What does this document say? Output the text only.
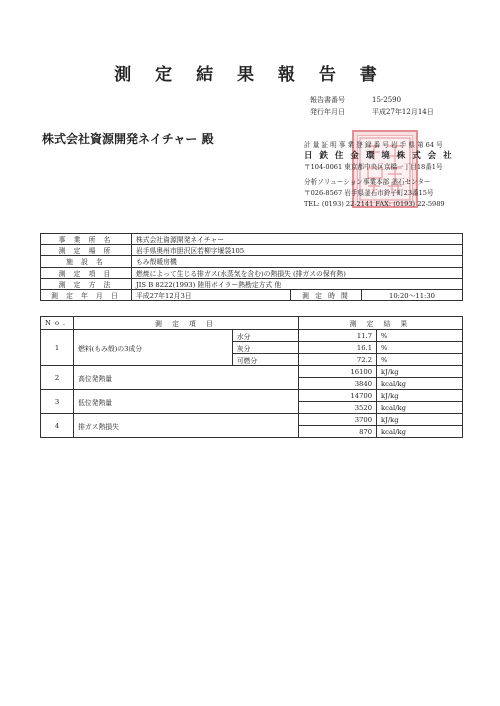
測 定 結 果 報 告 書
報告書番号	15-2590
発行年月日	平成27年12月14日
株式会社資源開発ネイチャー 殿	計 量 証 明 事 業 登 録 番 号 岩 手 県 第 64 号
日 鉄 住 金 環 境 株 式 会 社
〒104-0061 東京都中央区京橋一丁目18番1号
分析ソリューション事業本部 釜石センター
〒026-8567 岩手県釜石市鈴子町23番15号
TEL: (0193) 22-2141 FAX: (0193) 22-5989
事 業 所 名	株式会社資源開発ネイチャー		
測 定 場 所	岩手県奥州市胆沢区若柳字堰袋105		
施 設 名	もみ殻暖房機		
測 定 項 目	燃焼によって生じる排ガス(水蒸気を含む)の熱損失 (排ガスの保有熱)		
測 定 方 法	JIS B 8222(1993) 陸用ボイラー熱勘定方式 他		
測 定 年 月 日	平成27年12月3日	測 定 時 間	10:20～11:30
No.	測 定 項 目		測 定 結 果	
1	燃料(もみ殻)の3成分	水分	11.7	%
		灰分	16.1	%
		可燃分	72.2	%
2	高位発熱量		16100	kJ/kg
			3840	kcal/kg
3	低位発熱量		14700	kJ/kg
			3520	kcal/kg
4	排ガス熱損失		3700	kJ/kg
			870	kcal/kg
